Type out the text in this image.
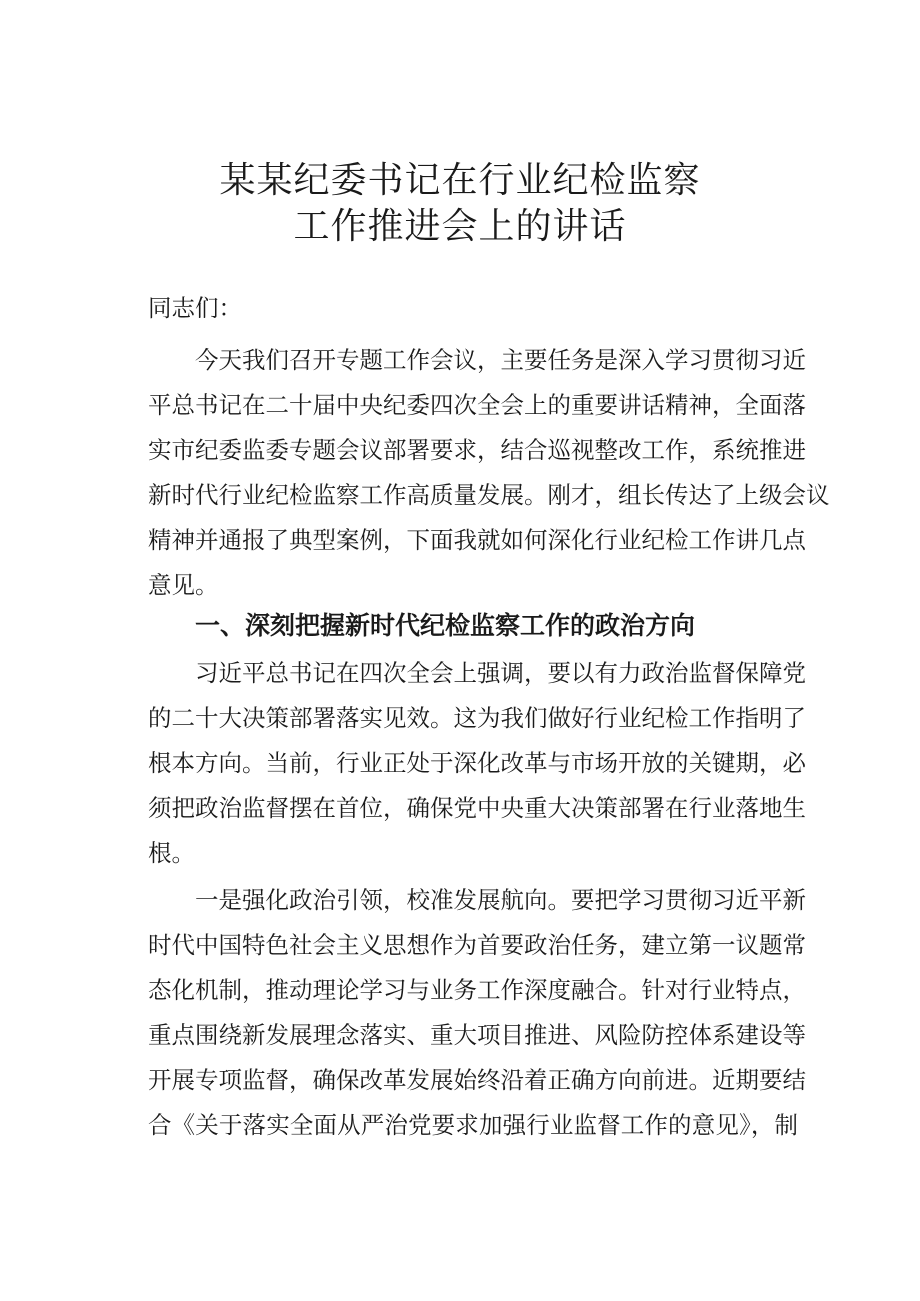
某某纪委书记在行业纪检监察
工作推进会上的讲话
同志们：
今天我们召开专题工作会议，主要任务是深入学习贯彻习近
平总书记在二十届中央纪委四次全会上的重要讲话精神，全面落
实市纪委监委专题会议部署要求，结合巡视整改工作，系统推进
新时代行业纪检监察工作高质量发展。刚才，组长传达了上级会议
精神并通报了典型案例，下面我就如何深化行业纪检工作讲几点
意见。
一、深刻把握新时代纪检监察工作的政治方向
习近平总书记在四次全会上强调，要以有力政治监督保障党
的二十大决策部署落实见效。这为我们做好行业纪检工作指明了
根本方向。当前，行业正处于深化改革与市场开放的关键期，必
须把政治监督摆在首位，确保党中央重大决策部署在行业落地生
根。
一是强化政治引领，校准发展航向。要把学习贯彻习近平新
时代中国特色社会主义思想作为首要政治任务，建立第一议题常
态化机制，推动理论学习与业务工作深度融合。针对行业特点，
重点围绕新发展理念落实、重大项目推进、风险防控体系建设等
开展专项监督，确保改革发展始终沿着正确方向前进。近期要结
合《关于落实全面从严治党要求加强行业监督工作的意见》，制
